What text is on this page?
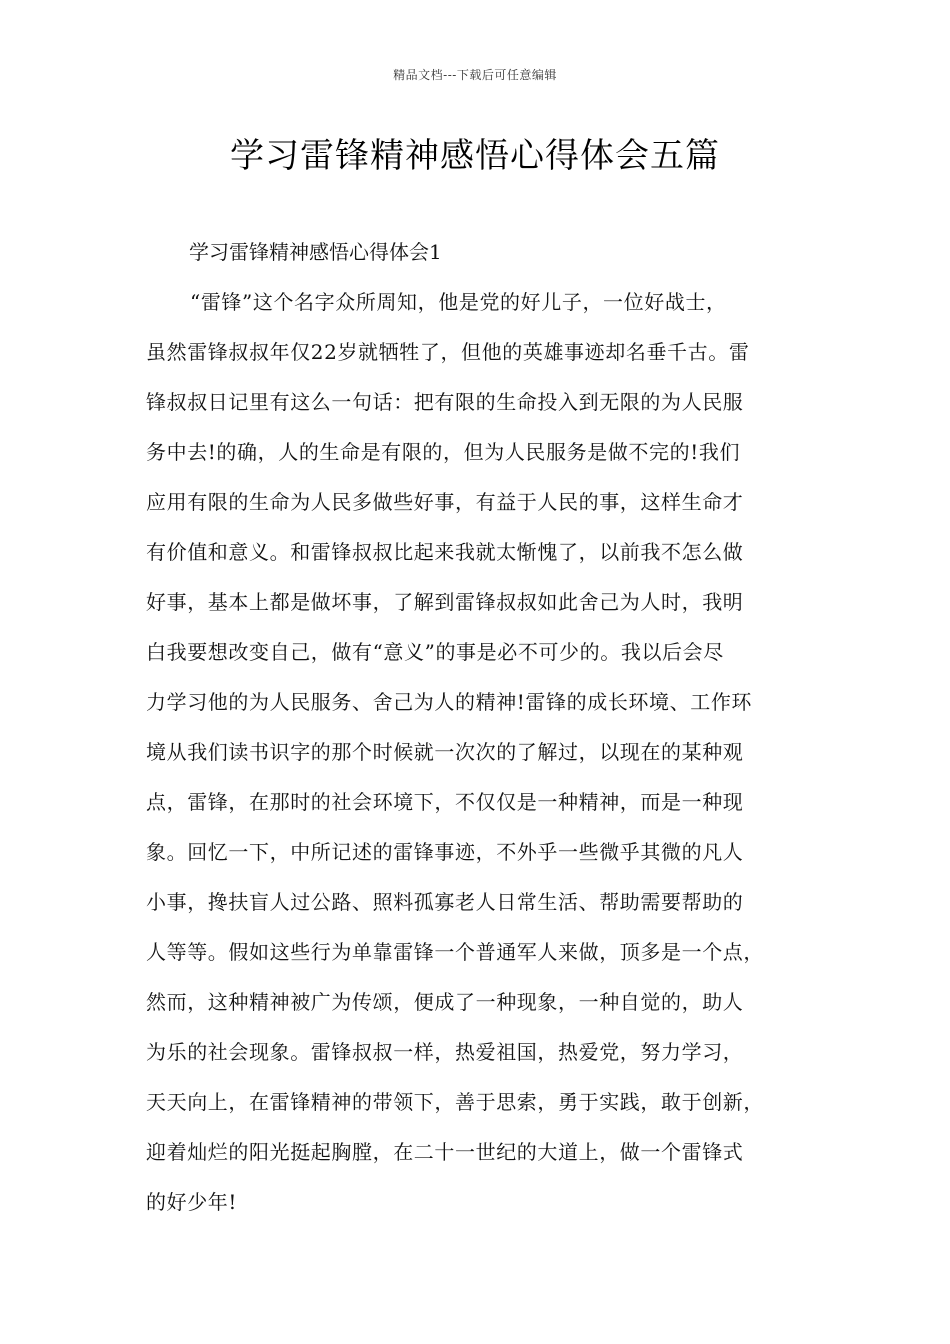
精品文档---下载后可任意编辑
学习雷锋精神感悟心得体会五篇
学习雷锋精神感悟心得体会1
“雷锋”这个名字众所周知，他是党的好儿子，一位好战士，
虽然雷锋叔叔年仅22岁就牺牲了，但他的英雄事迹却名垂千古。雷
锋叔叔日记里有这么一句话：把有限的生命投入到无限的为人民服
务中去!的确，人的生命是有限的，但为人民服务是做不完的!我们
应用有限的生命为人民多做些好事，有益于人民的事，这样生命才
有价值和意义。和雷锋叔叔比起来我就太惭愧了，以前我不怎么做
好事，基本上都是做坏事，了解到雷锋叔叔如此舍己为人时，我明
白我要想改变自己，做有“意义”的事是必不可少的。我以后会尽
力学习他的为人民服务、舍己为人的精神!雷锋的成长环境、工作环
境从我们读书识字的那个时候就一次次的了解过，以现在的某种观
点，雷锋，在那时的社会环境下，不仅仅是一种精神，而是一种现
象。回忆一下，中所记述的雷锋事迹，不外乎一些微乎其微的凡人
小事，搀扶盲人过公路、照料孤寡老人日常生活、帮助需要帮助的
人等等。假如这些行为单靠雷锋一个普通军人来做，顶多是一个点，
然而，这种精神被广为传颂，便成了一种现象，一种自觉的，助人
为乐的社会现象。雷锋叔叔一样，热爱祖国，热爱党，努力学习，
天天向上，在雷锋精神的带领下，善于思索，勇于实践，敢于创新，
迎着灿烂的阳光挺起胸膛，在二十一世纪的大道上，做一个雷锋式
的好少年!
